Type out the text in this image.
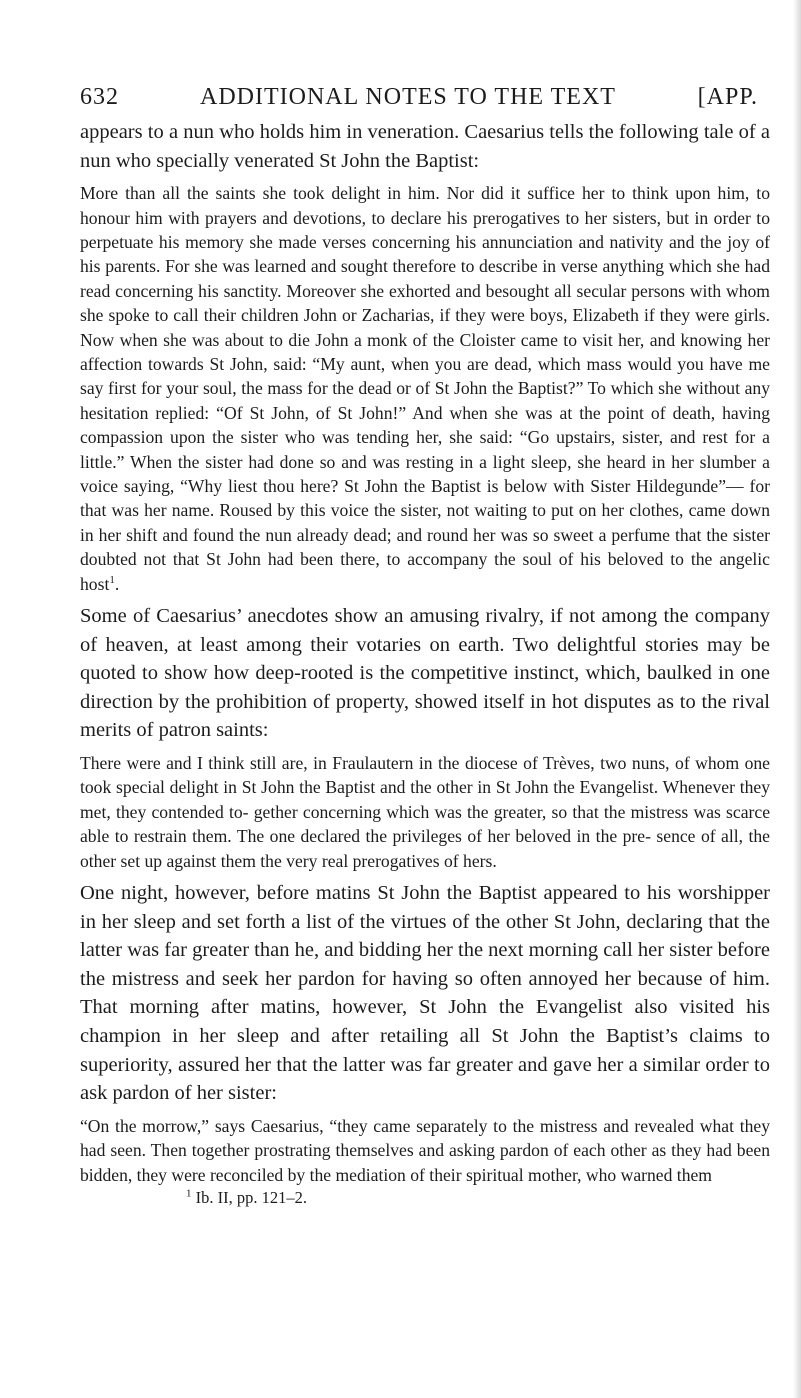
632	ADDITIONAL NOTES TO THE TEXT	[APP.

appears to a nun who holds him in veneration. Caesarius tells the following tale of a nun who specially venerated St John the Baptist:

More than all the saints she took delight in him. Nor did it suffice her to think upon him, to honour him with prayers and devotions, to declare his prerogatives to her sisters, but in order to perpetuate his memory she made verses concerning his annunciation and nativity and the joy of his parents. For she was learned and sought therefore to describe in verse anything which she had read concerning his sanctity. Moreover she exhorted and besought all secular persons with whom she spoke to call their children John or Zacharias, if they were boys, Elizabeth if they were girls. Now when she was about to die John a monk of the Cloister came to visit her, and knowing her affection towards St John, said: “My aunt, when you are dead, which mass would you have me say first for your soul, the mass for the dead or of St John the Baptist?” To which she without any hesitation replied: “Of St John, of St John!” And when she was at the point of death, having compassion upon the sister who was tending her, she said: “Go upstairs, sister, and rest for a little.” When the sister had done so and was resting in a light sleep, she heard in her slumber a voice saying, “Why liest thou here? St John the Baptist is below with Sister Hildegunde”— for that was her name. Roused by this voice the sister, not waiting to put on her clothes, came down in her shift and found the nun already dead; and round her was so sweet a perfume that the sister doubted not that St John had been there, to accompany the soul of his beloved to the angelic host$^1$.

Some of Caesarius’ anecdotes show an amusing rivalry, if not among the company of heaven, at least among their votaries on earth. Two delightful stories may be quoted to show how deep-rooted is the competitive instinct, which, baulked in one direction by the prohibition of property, showed itself in hot disputes as to the rival merits of patron saints:

There were and I think still are, in Fraulautern in the diocese of Trèves, two nuns, of whom one took special delight in St John the Baptist and the other in St John the Evangelist. Whenever they met, they contended to- gether concerning which was the greater, so that the mistress was scarce able to restrain them. The one declared the privileges of her beloved in the pre- sence of all, the other set up against them the very real prerogatives of hers.

One night, however, before matins St John the Baptist appeared to his worshipper in her sleep and set forth a list of the virtues of the other St John, declaring that the latter was far greater than he, and bidding her the next morning call her sister before the mistress and seek her pardon for having so often annoyed her because of him. That morning after matins, however, St John the Evangelist also visited his champion in her sleep and after retailing all St John the Baptist’s claims to superiority, assured her that the latter was far greater and gave her a similar order to ask pardon of her sister:

“On the morrow,” says Caesarius, “they came separately to the mistress and revealed what they had seen. Then together prostrating themselves and asking pardon of each other as they had been bidden, they were reconciled by the mediation of their spiritual mother, who warned them

$^1$ Ib. II, pp. 121–2.
